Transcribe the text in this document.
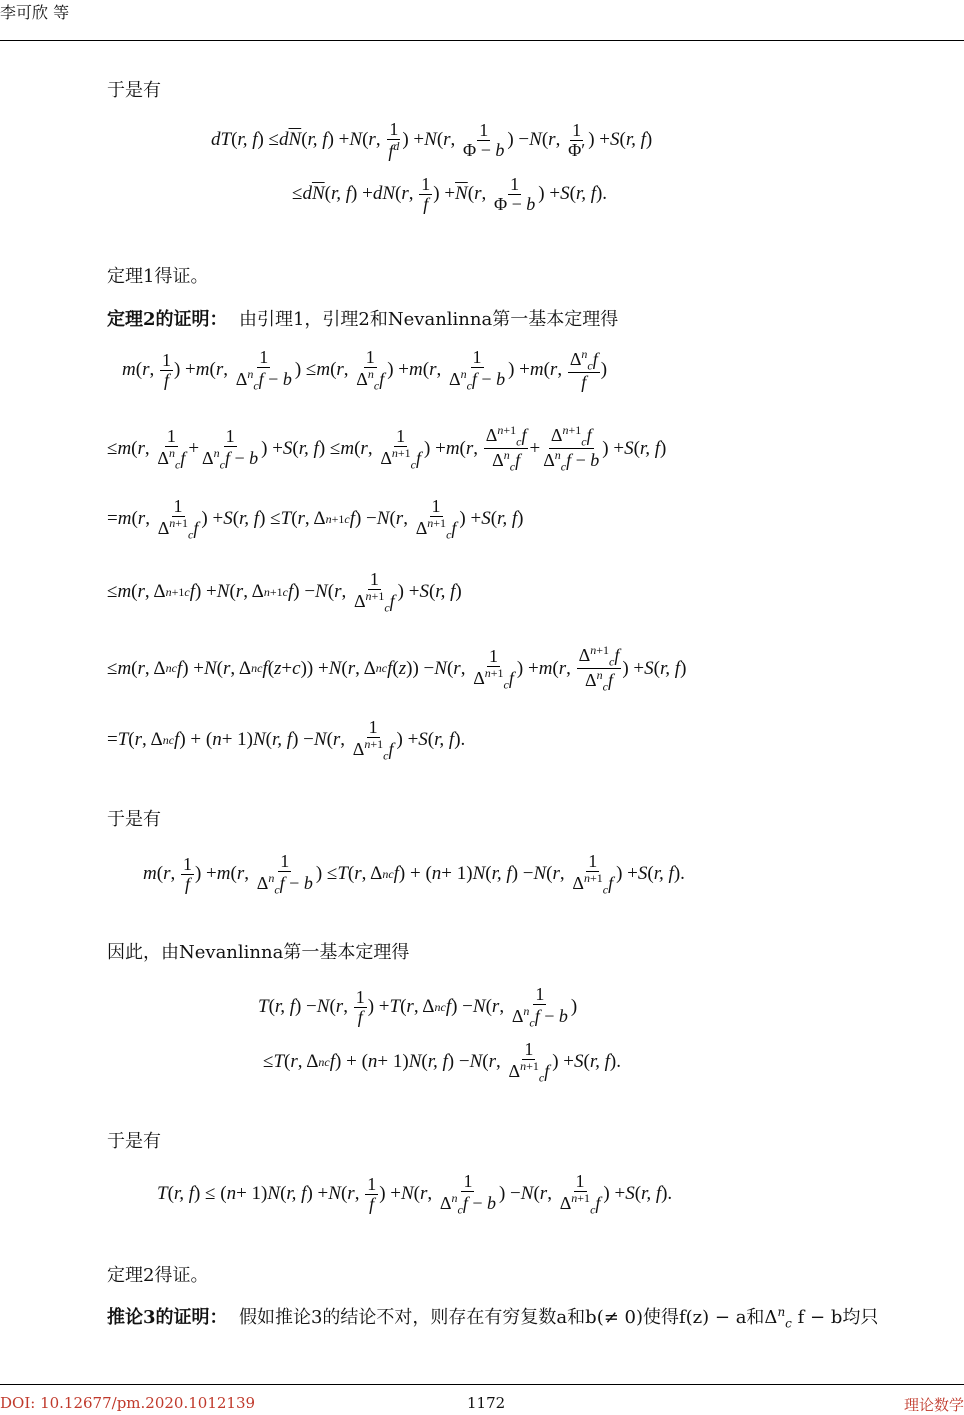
李可欣 等
于是有
dT ( r, f ) ≤ d $\overline{N}$ ( r, f ) + N ( r , $\frac{1}{f^d}$ ) + N ( r , $\frac{1}{\Phi - b}$ ) − N ( r , $\frac{1}{\Phi'}$ ) + S ( r, f )
≤ d $\overline{N}$ ( r, f ) + dN ( r , $\frac{1}{f}$ ) + $\overline{N}$ ( r , $\frac{1}{\Phi - b}$ ) + S ( r, f ).
定理1得证。
定理2的证明： 由引理1，引理2和Nevanlinna第一基本定理得
m ( r , $\frac{1}{f}$ ) + m ( r , $\frac{1}{\Delta^n_cf - b}$ ) ≤ m ( r , $\frac{1}{\Delta^n_cf}$ ) + m ( r , $\frac{1}{\Delta^n_cf - b}$ ) + m ( r , $\frac{\Delta^n_cf}{f}$ )
≤ m ( r , $\frac{1}{\Delta^n_cf} + \frac{1}{\Delta^n_cf - b}$ ) + S ( r, f ) ≤ m ( r , $\frac{1}{\Delta^{n+1}_cf}$ ) + m ( r , $\frac{\Delta^{n+1}_cf}{\Delta^n_cf} + \frac{\Delta^{n+1}_cf}{\Delta^n_cf - b}$ ) + S ( r, f )
= m ( r , $\frac{1}{\Delta^{n+1}_cf}$ ) + S ( r, f ) ≤ T ( r , Δ n+1 c f ) − N ( r , $\frac{1}{\Delta^{n+1}_cf}$ ) + S ( r, f )
≤ m ( r , Δ n+1 c f ) + N ( r , Δ n+1 c f ) − N ( r , $\frac{1}{\Delta^{n+1}_cf}$ ) + S ( r, f )
≤ m ( r , Δ n c f ) + N ( r , Δ n c f ( z + c )) + N ( r , Δ n c f ( z )) − N ( r , $\frac{1}{\Delta^{n+1}_cf}$ ) + m ( r , $\frac{\Delta^{n+1}_cf}{\Delta^n_cf}$ ) + S ( r, f )
= T ( r , Δ n c f ) + ( n + 1) N ( r, f ) − N ( r , $\frac{1}{\Delta^{n+1}_cf}$ ) + S ( r, f ).
于是有
m ( r , $\frac{1}{f}$ ) + m ( r , $\frac{1}{\Delta^n_cf - b}$ ) ≤ T ( r , Δ n c f ) + ( n + 1) N ( r, f ) − N ( r , $\frac{1}{\Delta^{n+1}_cf}$ ) + S ( r, f ).
因此，由Nevanlinna第一基本定理得
T ( r, f ) − N ( r , $\frac{1}{f}$ ) + T ( r , Δ n c f ) − N ( r , $\frac{1}{\Delta^n_cf - b}$ )
≤ T ( r , Δ n c f ) + ( n + 1) N ( r, f ) − N ( r , $\frac{1}{\Delta^{n+1}_cf}$ ) + S ( r, f ).
于是有
T ( r, f ) ≤ ( n + 1) N ( r, f ) + N ( r , $\frac{1}{f}$ ) + N ( r , $\frac{1}{\Delta^n_cf - b}$ ) − N ( r , $\frac{1}{\Delta^{n+1}_cf}$ ) + S ( r, f ).
定理2得证。
推论3的证明： 假如推论3的结论不对，则存在有穷复数a和b(≠ 0)使得f(z) − a和$\Delta^n_c$ f − b均只
DOI: 10.12677/pm.2020.1012139	1172	理论数学
